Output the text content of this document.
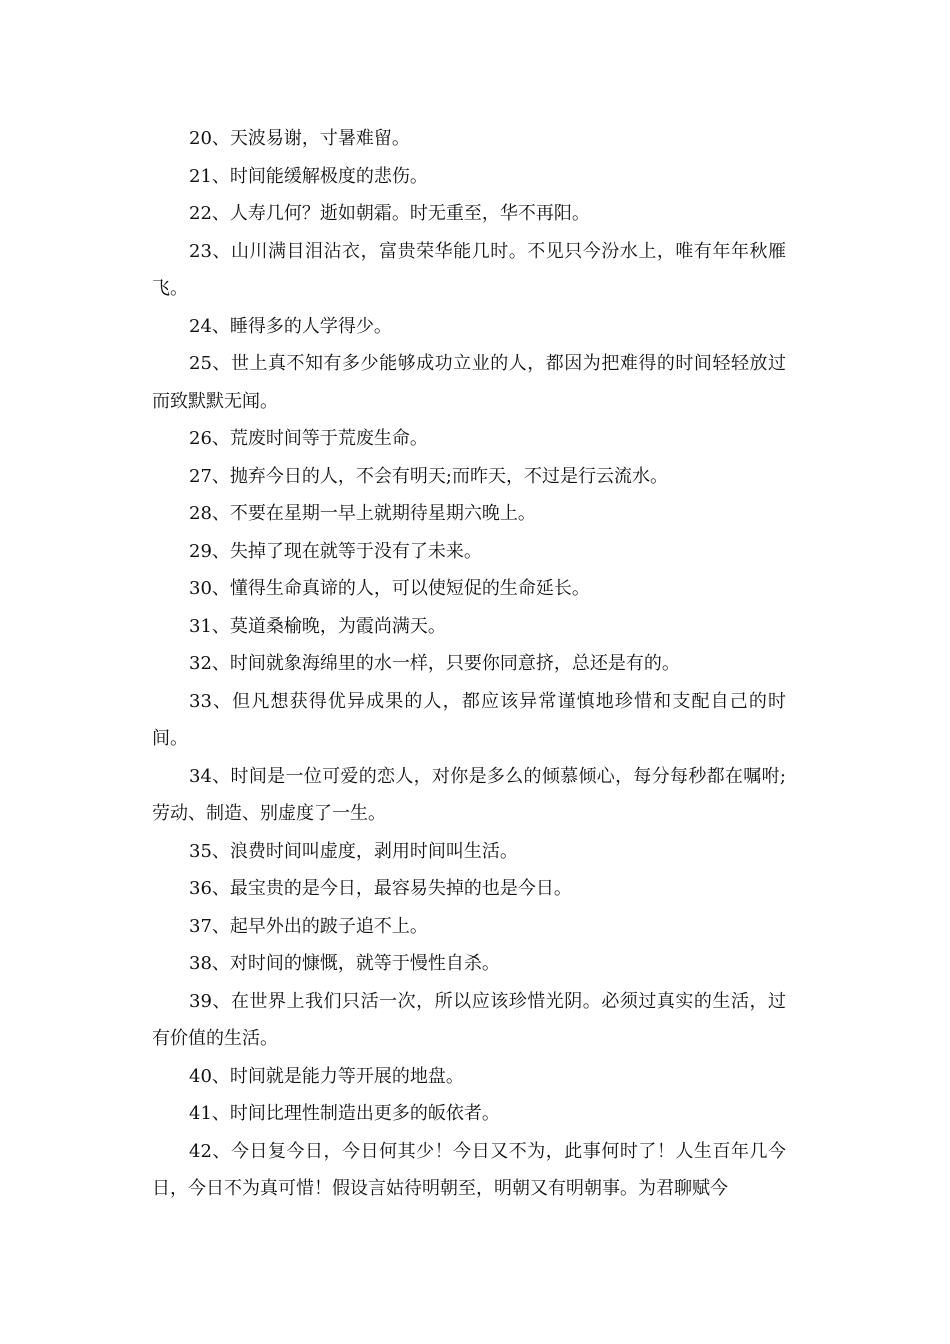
20、天波易谢，寸暑难留。

21、时间能缓解极度的悲伤。

22、人寿几何？逝如朝霜。时无重至，华不再阳。

23、山川满目泪沾衣，富贵荣华能几时。不见只今汾水上，唯有年年秋雁飞。

24、睡得多的人学得少。

25、世上真不知有多少能够成功立业的人，都因为把难得的时间轻轻放过而致默默无闻。

26、荒废时间等于荒废生命。

27、抛弃今日的人，不会有明天;而昨天，不过是行云流水。

28、不要在星期一早上就期待星期六晚上。

29、失掉了现在就等于没有了未来。

30、懂得生命真谛的人，可以使短促的生命延长。

31、莫道桑榆晚，为霞尚满天。

32、时间就象海绵里的水一样，只要你同意挤，总还是有的。

33、但凡想获得优异成果的人，都应该异常谨慎地珍惜和支配自己的时间。

34、时间是一位可爱的恋人，对你是多么的倾慕倾心，每分每秒都在嘱咐;劳动、制造、别虚度了一生。

35、浪费时间叫虚度，剥用时间叫生活。

36、最宝贵的是今日，最容易失掉的也是今日。

37、起早外出的跛子追不上。

38、对时间的慷慨，就等于慢性自杀。

39、在世界上我们只活一次，所以应该珍惜光阴。必须过真实的生活，过有价值的生活。

40、时间就是能力等开展的地盘。

41、时间比理性制造出更多的皈依者。

42、今日复今日，今日何其少！今日又不为，此事何时了！人生百年几今日，今日不为真可惜！假设言姑待明朝至，明朝又有明朝事。为君聊赋今
